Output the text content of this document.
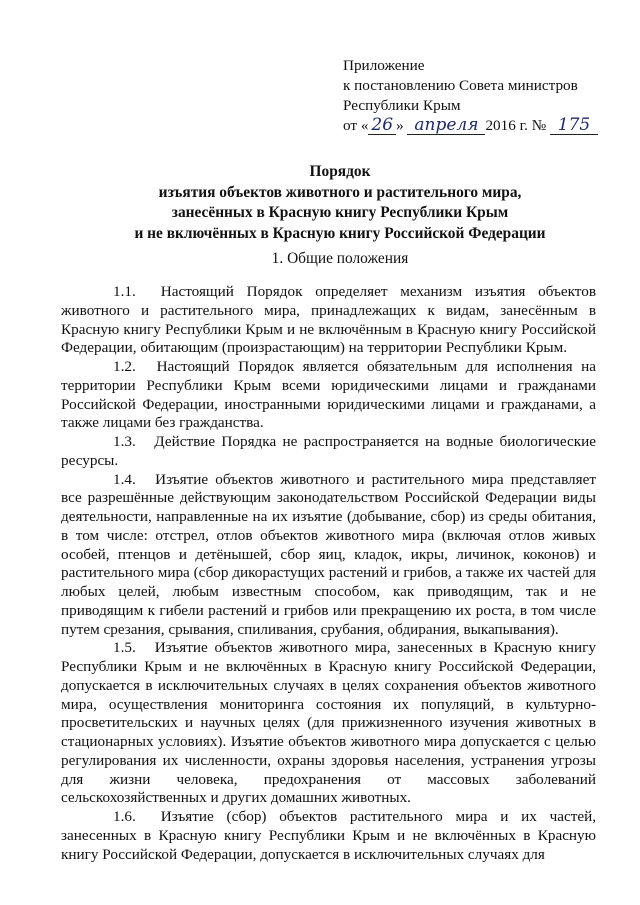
Приложение
к постановлению Совета министров
Республики Крым
от « 26 » апреля 2016 г. № 175
Порядок
изъятия объектов животного и растительного мира,
занесённых в Красную книгу Республики Крым
и не включённых в Красную книгу Российской Федерации
1. Общие положения

1.1. Настоящий Порядок определяет механизм изъятия объектов животного и растительного мира, принадлежащих к видам, занесённым в Красную книгу Республики Крым и не включённым в Красную книгу Российской Федерации, обитающим (произрастающим) на территории Республики Крым.

1.2. Настоящий Порядок является обязательным для исполнения на территории Республики Крым всеми юридическими лицами и гражданами Российской Федерации, иностранными юридическими лицами и гражданами, а также лицами без гражданства.

1.3. Действие Порядка не распространяется на водные биологические ресурсы.

1.4. Изъятие объектов животного и растительного мира представляет все разрешённые действующим законодательством Российской Федерации виды деятельности, направленные на их изъятие (добывание, сбор) из среды обитания, в том числе: отстрел, отлов объектов животного мира (включая отлов живых особей, птенцов и детёнышей, сбор яиц, кладок, икры, личинок, коконов) и растительного мира (сбор дикорастущих растений и грибов, а также их частей для любых целей, любым известным способом, как приводящим, так и не приводящим к гибели растений и грибов или прекращению их роста, в том числе путем срезания, срывания, спиливания, срубания, обдирания, выкапывания).

1.5. Изъятие объектов животного мира, занесенных в Красную книгу Республики Крым и не включённых в Красную книгу Российской Федерации, допускается в исключительных случаях в целях сохранения объектов животного мира, осуществления мониторинга состояния их популяций, в культурно-просветительских и научных целях (для прижизненного изучения животных в стационарных условиях). Изъятие объектов животного мира допускается с целью регулирования их численности, охраны здоровья населения, устранения угрозы для жизни человека, предохранения от массовых заболеваний сельскохозяйственных и других домашних животных.

1.6. Изъятие (сбор) объектов растительного мира и их частей, занесенных в Красную книгу Республики Крым и не включённых в Красную книгу Российской Федерации, допускается в исключительных случаях для
